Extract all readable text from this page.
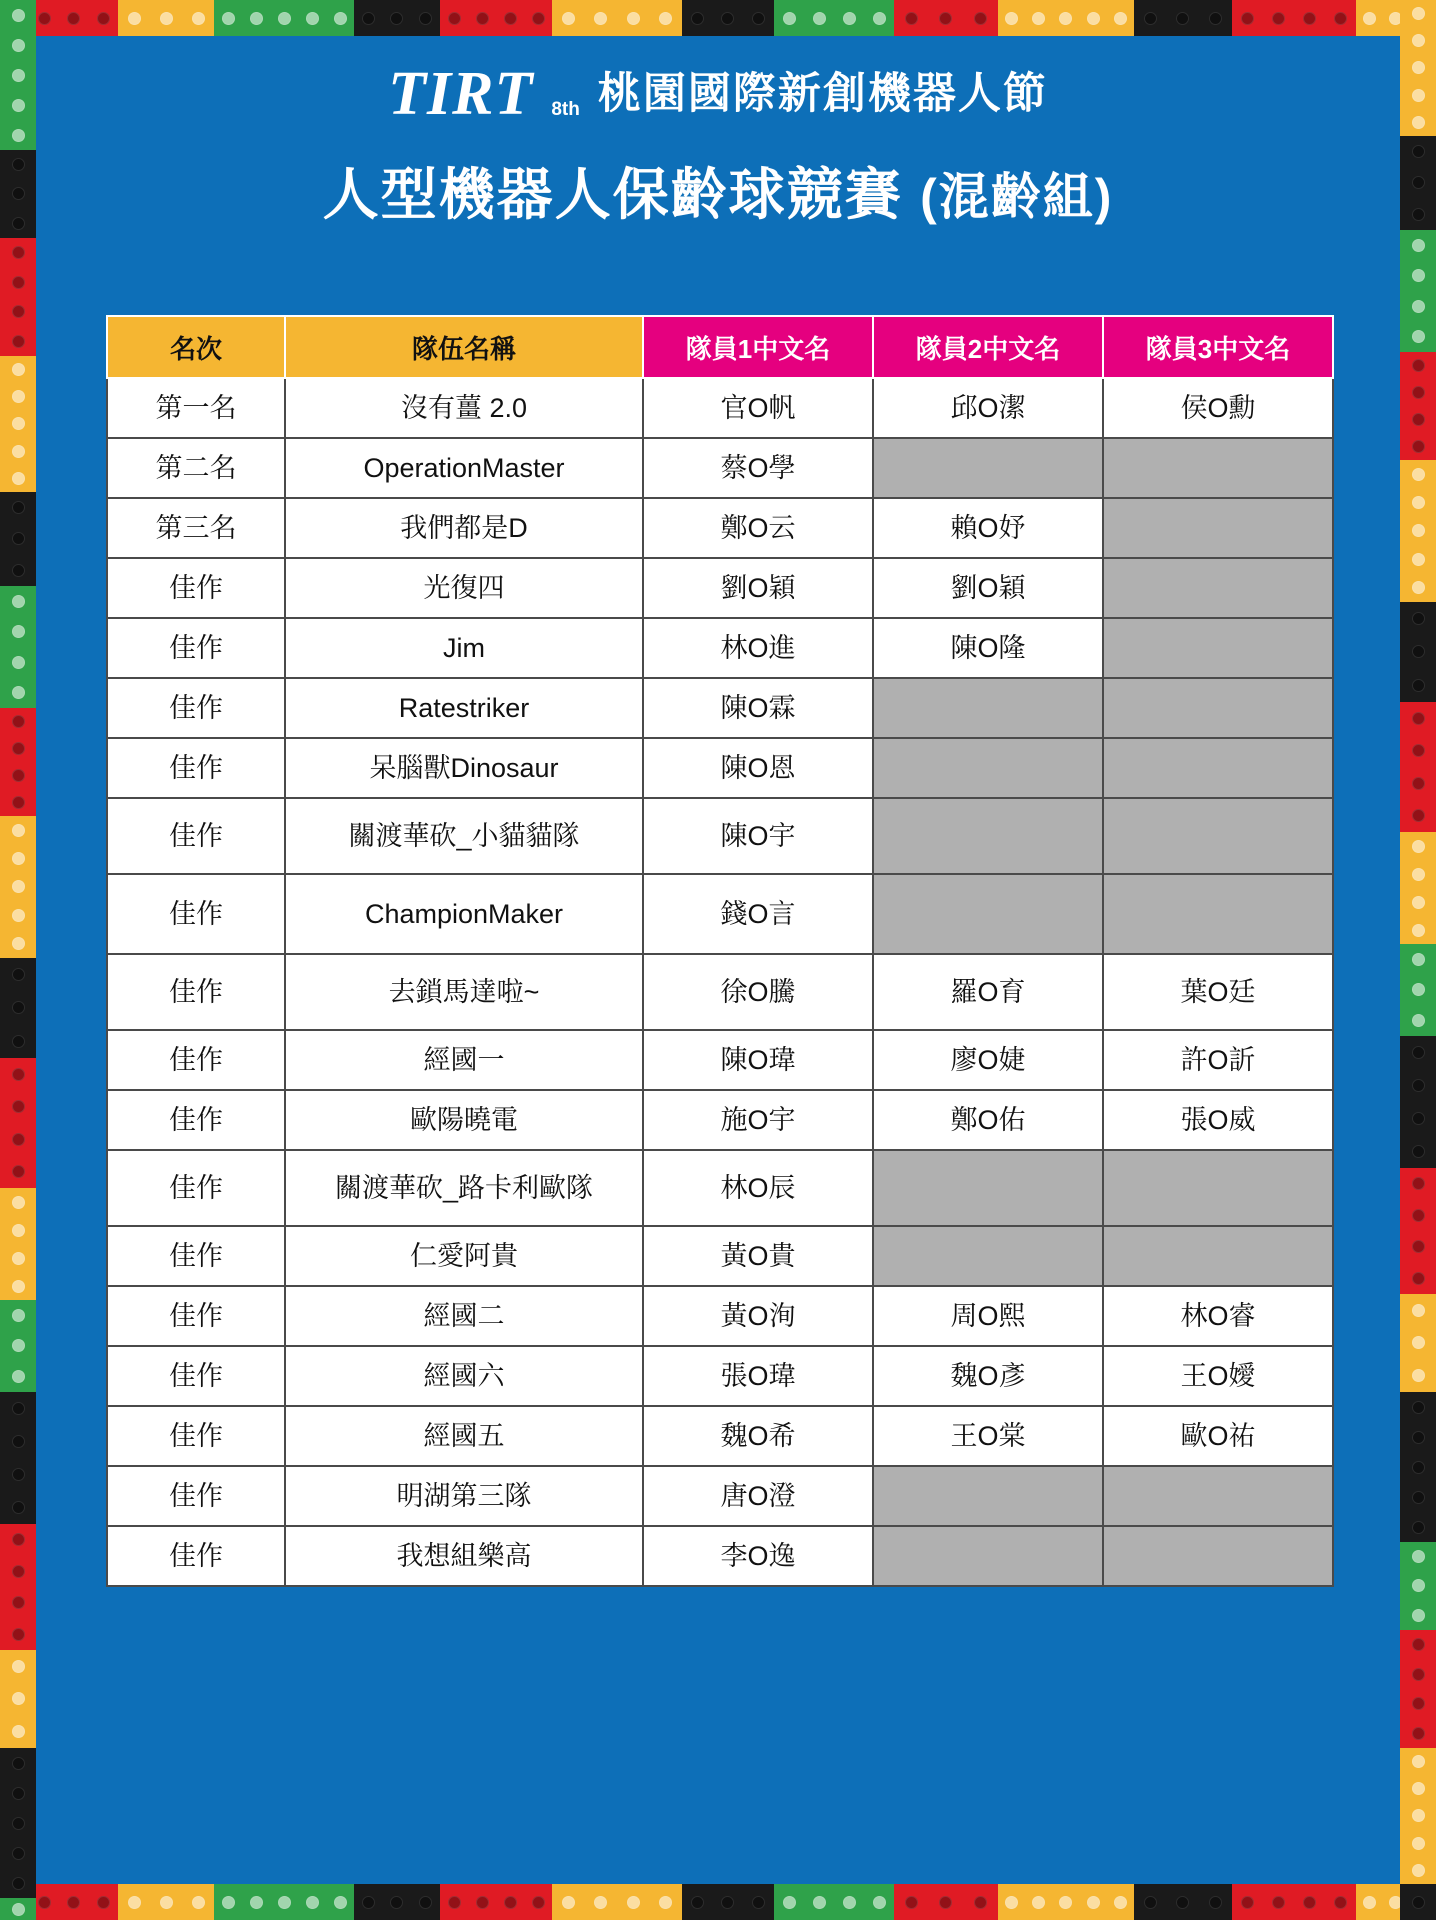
TIRT 8th 桃園國際新創機器人節
人型機器人保齡球競賽 (混齡組)
名次	隊伍名稱	隊員1中文名	隊員2中文名	隊員3中文名
第一名	沒有薑 2.0	官O帆	邱O潔	侯O勳
第二名	OperationMaster	蔡O學		
第三名	我們都是D	鄭O云	賴O妤	
佳作	光復四	劉O穎	劉O穎	
佳作	Jim	林O進	陳O隆	
佳作	Ratestriker	陳O霖		
佳作	呆腦獸Dinosaur	陳O恩		
佳作	關渡華砍_小貓貓隊	陳O宇		
佳作	ChampionMaker	錢O言		
佳作	去鎖馬達啦~	徐O騰	羅O育	葉O廷
佳作	經國一	陳O瑋	廖O婕	許O訢
佳作	歐陽曉電	施O宇	鄭O佑	張O威
佳作	關渡華砍_路卡利歐隊	林O辰		
佳作	仁愛阿貴	黃O貴		
佳作	經國二	黃O洵	周O熙	林O睿
佳作	經國六	張O瑋	魏O彥	王O嬡
佳作	經國五	魏O希	王O棠	歐O祐
佳作	明湖第三隊	唐O澄		
佳作	我想組樂高	李O逸		
